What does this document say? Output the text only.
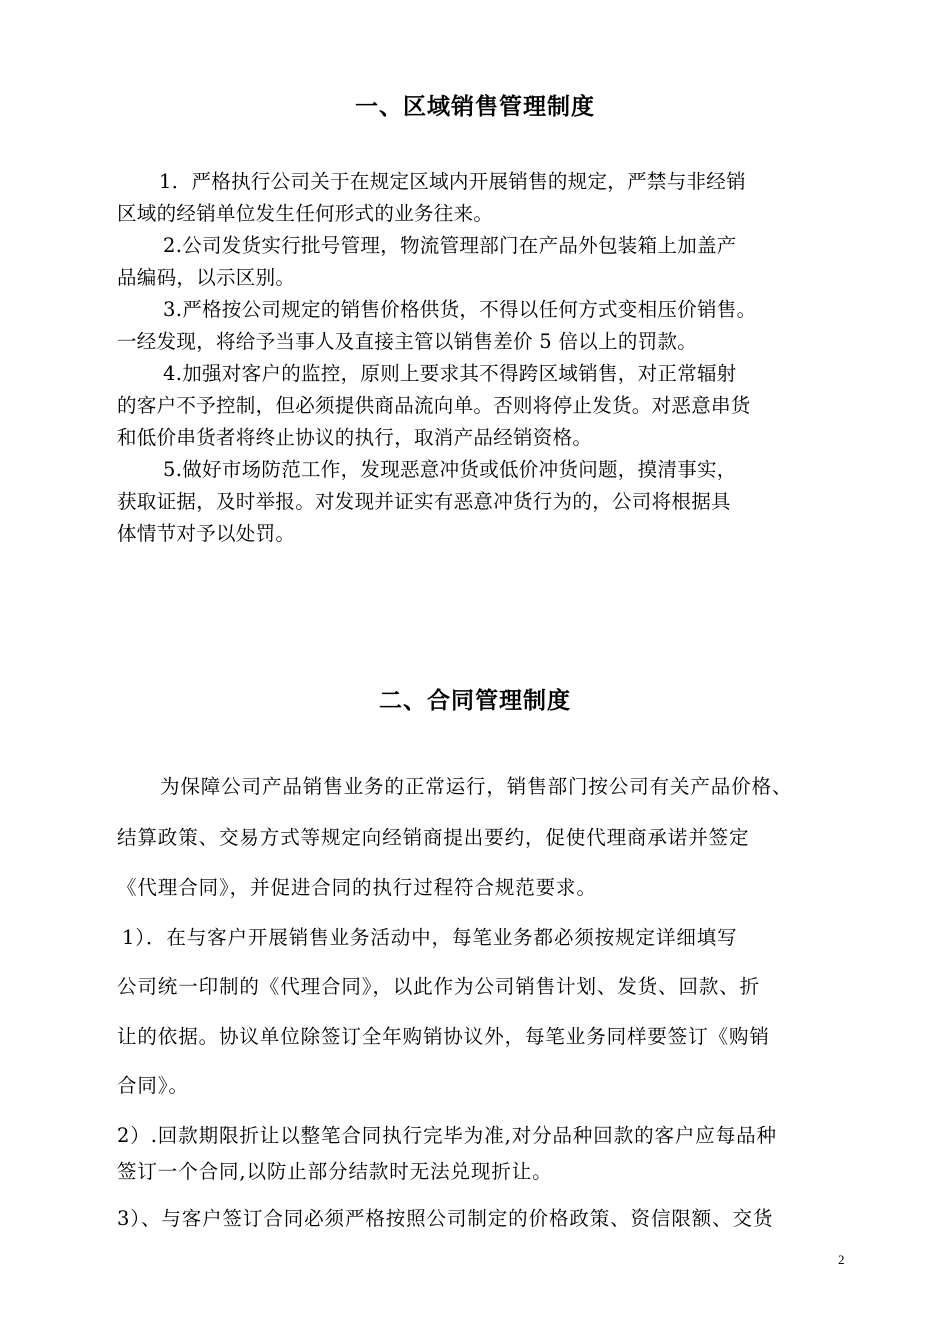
一、区域销售管理制度
1．严格执行公司关于在规定区域内开展销售的规定，严禁与非经销
区域的经销单位发生任何形式的业务往来。
2.公司发货实行批号管理，物流管理部门在产品外包装箱上加盖产
品编码，以示区别。
3.严格按公司规定的销售价格供货，不得以任何方式变相压价销售。
一经发现，将给予当事人及直接主管以销售差价 5 倍以上的罚款。
4.加强对客户的监控，原则上要求其不得跨区域销售，对正常辐射
的客户不予控制，但必须提供商品流向单。否则将停止发货。对恶意串货
和低价串货者将终止协议的执行，取消产品经销资格。
5.做好市场防范工作，发现恶意冲货或低价冲货问题，摸清事实，
获取证据，及时举报。对发现并证实有恶意冲货行为的，公司将根据具
体情节对予以处罚。
二、合同管理制度
为保障公司产品销售业务的正常运行，销售部门按公司有关产品价格、
结算政策、交易方式等规定向经销商提出要约，促使代理商承诺并签定
《代理合同》，并促进合同的执行过程符合规范要求。
1）．在与客户开展销售业务活动中，每笔业务都必须按规定详细填写
公司统一印制的《代理合同》，以此作为公司销售计划、发货、回款、折
让的依据。协议单位除签订全年购销协议外，每笔业务同样要签订《购销
合同》。
2）.回款期限折让以整笔合同执行完毕为准,对分品种回款的客户应每品种
签订一个合同,以防止部分结款时无法兑现折让。
3）、与客户签订合同必须严格按照公司制定的价格政策、资信限额、交货
2
